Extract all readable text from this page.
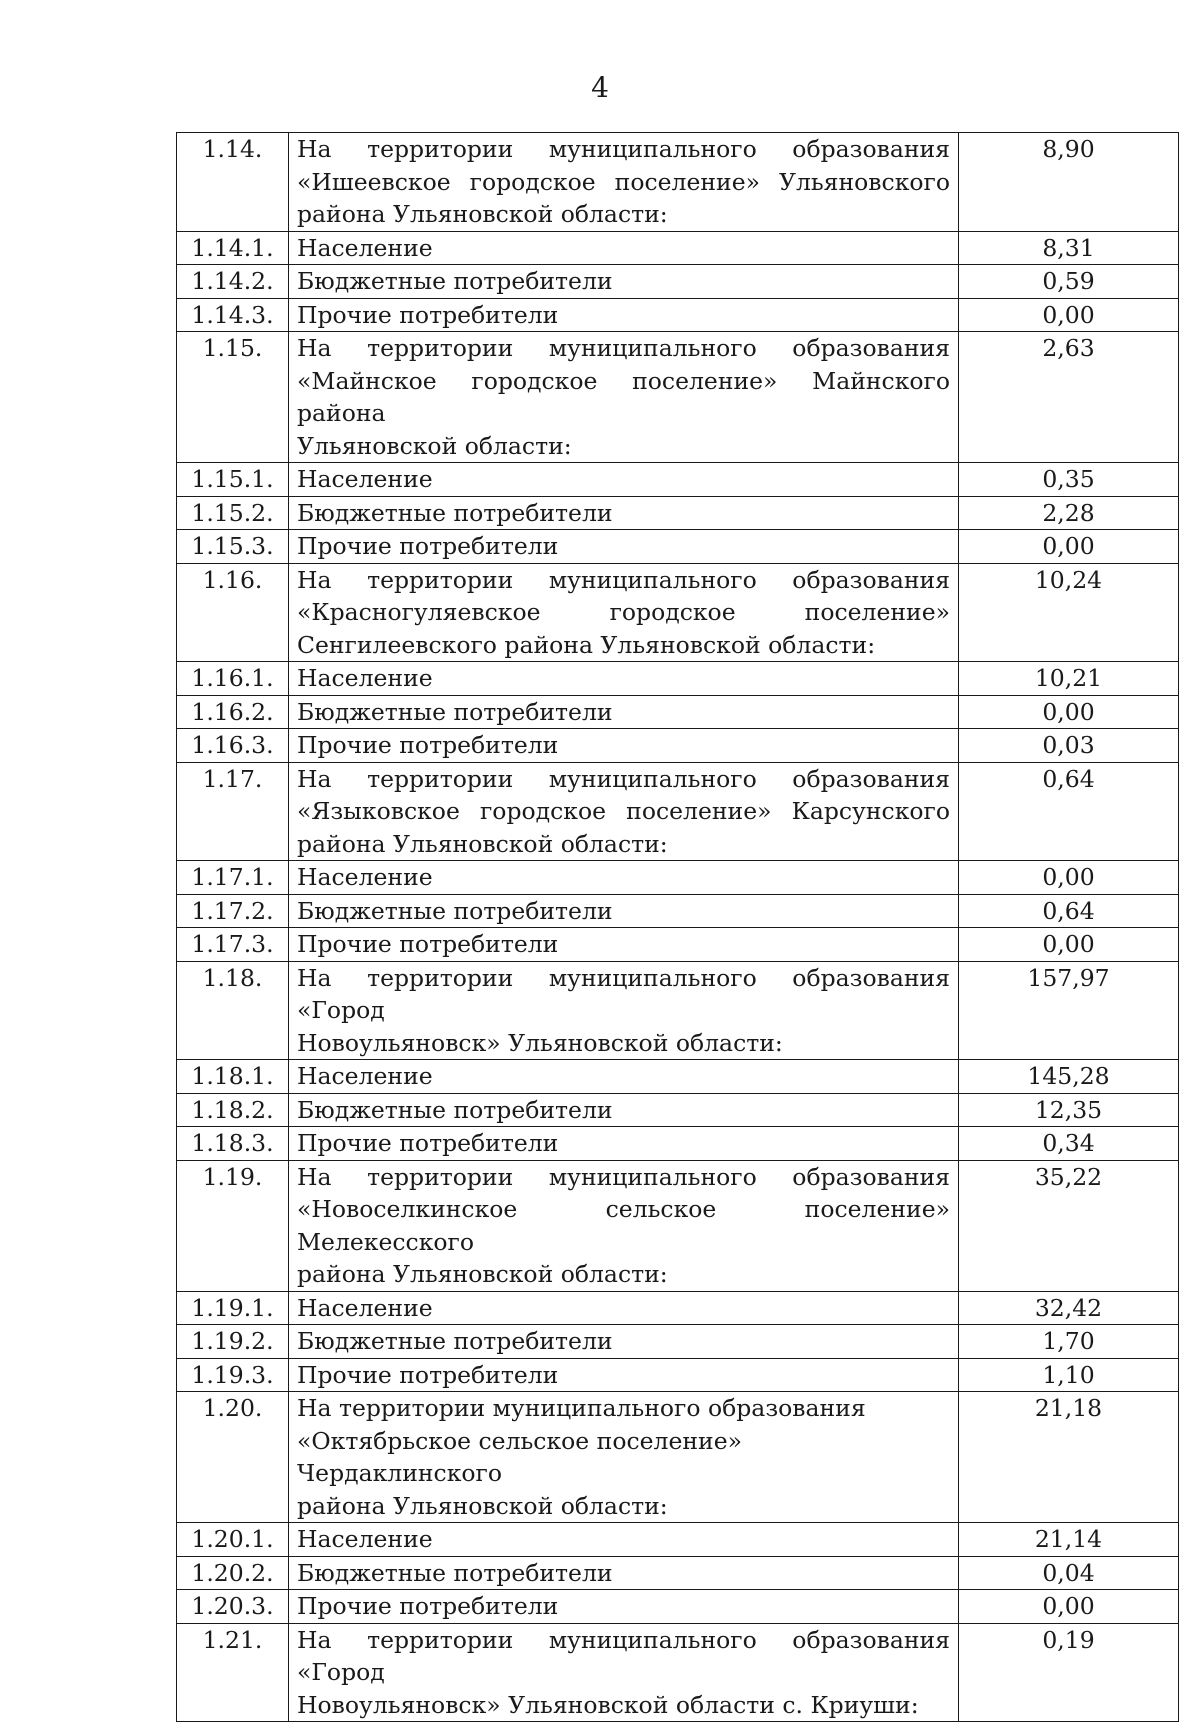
4
1.14.	На территории муниципального образования
«Ишеевское городское поселение» Ульяновского
района Ульяновской области:	8,90
1.14.1.	Население	8,31
1.14.2.	Бюджетные потребители	0,59
1.14.3.	Прочие потребители	0,00
1.15.	На территории муниципального образования
«Майнское городское поселение» Майнского района
Ульяновской области:	2,63
1.15.1.	Население	0,35
1.15.2.	Бюджетные потребители	2,28
1.15.3.	Прочие потребители	0,00
1.16.	На территории муниципального образования
«Красногуляевское городское поселение»
Сенгилеевского района Ульяновской области:	10,24
1.16.1.	Население	10,21
1.16.2.	Бюджетные потребители	0,00
1.16.3.	Прочие потребители	0,03
1.17.	На территории муниципального образования
«Языковское городское поселение» Карсунского
района Ульяновской области:	0,64
1.17.1.	Население	0,00
1.17.2.	Бюджетные потребители	0,64
1.17.3.	Прочие потребители	0,00
1.18.	На территории муниципального образования «Город
Новоульяновск» Ульяновской области:	157,97
1.18.1.	Население	145,28
1.18.2.	Бюджетные потребители	12,35
1.18.3.	Прочие потребители	0,34
1.19.	На территории муниципального образования
«Новоселкинское сельское поселение» Мелекесского
района Ульяновской области:	35,22
1.19.1.	Население	32,42
1.19.2.	Бюджетные потребители	1,70
1.19.3.	Прочие потребители	1,10
1.20.	На территории муниципального образования
«Октябрьское сельское поселение» Чердаклинского
района Ульяновской области:	21,18
1.20.1.	Население	21,14
1.20.2.	Бюджетные потребители	0,04
1.20.3.	Прочие потребители	0,00
1.21.	На территории муниципального образования «Город
Новоульяновск» Ульяновской области с. Криуши:	0,19
